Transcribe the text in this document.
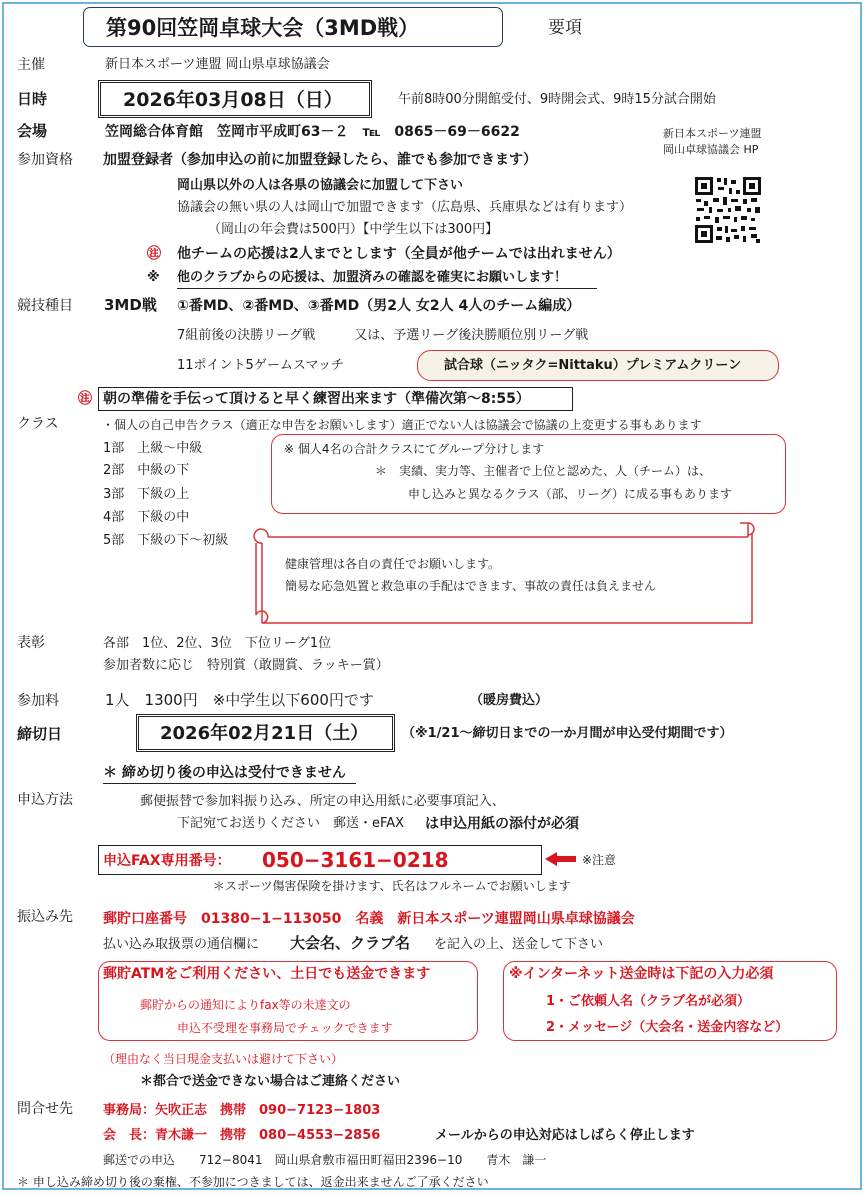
第90回笠岡卓球大会（3MD戦）	要項
主催	新日本スポーツ連盟 岡山県卓球協議会
日時	2026年03月08日（日）	午前8時00分開館受付、9時開会式、9時15分試合開始
会場	笠岡総合体育館　笠岡市平成町63－２　℡　0865－69－6622	新日本スポーツ連盟
岡山卓球協議会 HP
参加資格 加盟登録者（参加申込の前に加盟登録したら、誰でも参加できます）
岡山県以外の人は各県の協議会に加盟して下さい
協議会の無い県の人は岡山で加盟できます（広島県、兵庫県などは有ります）
（岡山の年会費は500円）【中学生以下は300円】
㊟ 他チームの応援は2人までとします（全員が他チームでは出れません）
※ 他のクラブからの応援は、加盟済みの確認を確実にお願いします！
競技種目 3MD戦 ①番MD、②番MD、③番MD（男2人 女2人 4人のチーム編成）
7組前後の決勝リーグ戦　　　又は、予選リーグ後決勝順位別リーグ戦
11ポイント5ゲームスマッチ	試合球（ニッタク=Nittaku）プレミアムクリーン
㊟ 朝の準備を手伝って頂けると早く練習出来ます（準備次第～8:55）
クラス	・個人の自己申告クラス（適正な申告をお願いします）適正でない人は協議会で協議の上変更する事もあります
1部　上級～中級
2部　中級の下
3部　下級の上
4部　下級の中
5部　下級の下～初級
※ 個人4名の合計クラスにてグループ分けします
＊　実績、実力等、主催者で上位と認めた、人（チーム）は、
申し込みと異なるクラス（部、リーグ）に成る事もあります
健康管理は各自の責任でお願いします。
簡易な応急処置と救急車の手配はできます、事故の責任は負えません
表彰	各部　1位、2位、3位　下位リーグ1位
参加者数に応じ　特別賞（敢闘賞、ラッキー賞）
参加料	1人　1300円　※中学生以下600円です	（暖房費込）
締切日	2026年02月21日（土）	（※1/21～締切日までの一か月間が申込受付期間です）
＊ 締め切り後の申込は受付できません
申込方法	郵便振替で参加料振り込み、所定の申込用紙に必要事項記入、
下記宛てお送りください　郵送・eFAX は申込用紙の添付が必須
申込FAX専用番号： 050−3161−0218	※注意
＊スポーツ傷害保険を掛けます、氏名はフルネームでお願いします
振込み先 郵貯口座番号　01380−1−113050　名義　新日本スポーツ連盟岡山県卓球協議会
払い込み取扱票の通信欄に 大会名、クラブ名 を記入の上、送金して下さい
郵貯ATMをご利用ください、土日でも送金できます
郵貯からの通知によりfax等の未達文の
申込不受理を事務局でチェックできます
※インターネット送金時は下記の入力必須
1・ご依頼人名（クラブ名が必須）
2・メッセージ（大会名・送金内容など）
（理由なく当日現金支払いは避けて下さい）
＊都合で送金できない場合はご連絡ください
問合せ先 事務局：矢吹正志　携帯　090−7123−1803
会　長：青木謙一　携帯　080−4553−2856	メールからの申込対応はしばらく停止します
郵送での申込　　712−8041　岡山県倉敷市福田町福田2396−10　　青木　謙一
＊ 申し込み締め切り後の棄権、不参加につきましては、返金出来ませんご了承ください
